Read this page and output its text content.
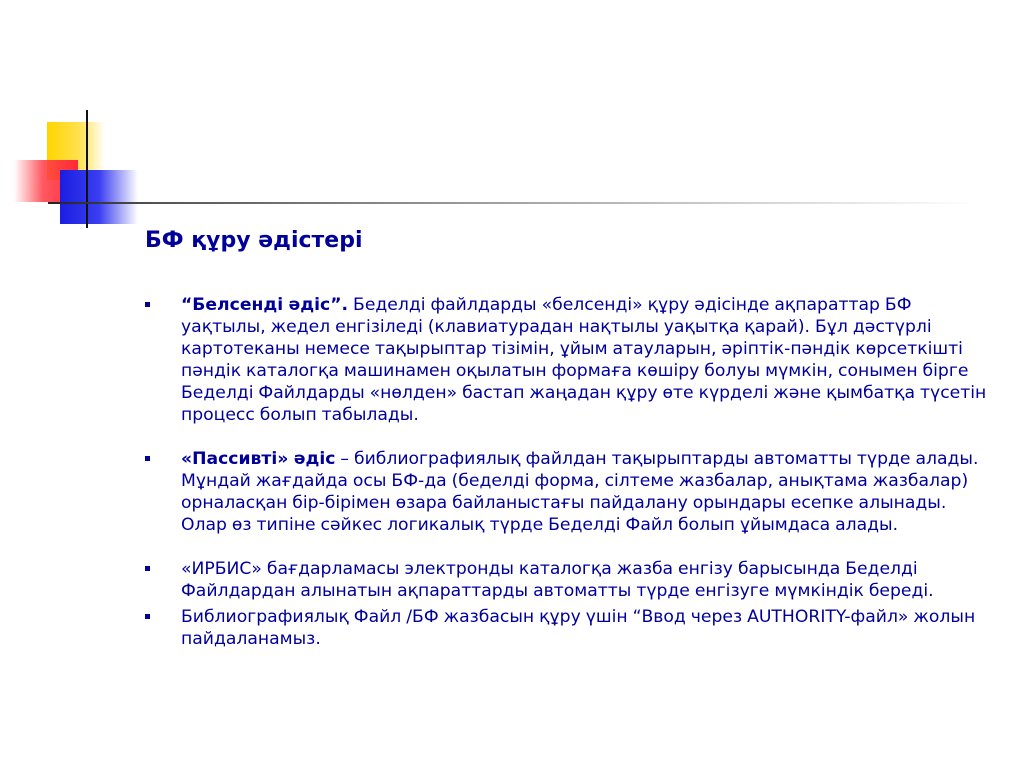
БФ құру әдістері
“Белсенді әдіс”. Беделді файлдарды «белсенді» құру әдісінде ақпараттар БФ уақтылы, жедел енгізіледі (клавиатурадан нақтылы уақытқа қарай). Бұл дәстүрлі картотеканы немесе тақырыптар тізімін, ұйым атауларын, әріптік-пәндік көрсеткішті пәндік каталогқа машинамен оқылатын формаға көшіру болуы мүмкін, сонымен бірге Беделді Файлдарды «нөлден» бастап жаңадан құру өте күрделі және қымбатқа түсетін процесс болып табылады.
«Пассивті» әдіс – библиографиялық файлдан тақырыптарды автоматты түрде алады. Мұндай жағдайда осы БФ-да (беделді форма, сілтеме жазбалар, анықтама жазбалар) орналасқан бір-бірімен өзара байланыстағы пайдалану орындары есепке алынады. Олар өз типіне сәйкес логикалық түрде Беделді Файл болып ұйымдаса алады.
«ИРБИС» бағдарламасы электронды каталогқа жазба енгізу барысында Беделді Файлдардан алынатын ақпараттарды автоматты түрде енгізуге мүмкіндік береді.
Библиографиялық Файл /БФ жазбасын құру үшін “Ввод через AUTHORITY-файл» жолын пайдаланамыз.
